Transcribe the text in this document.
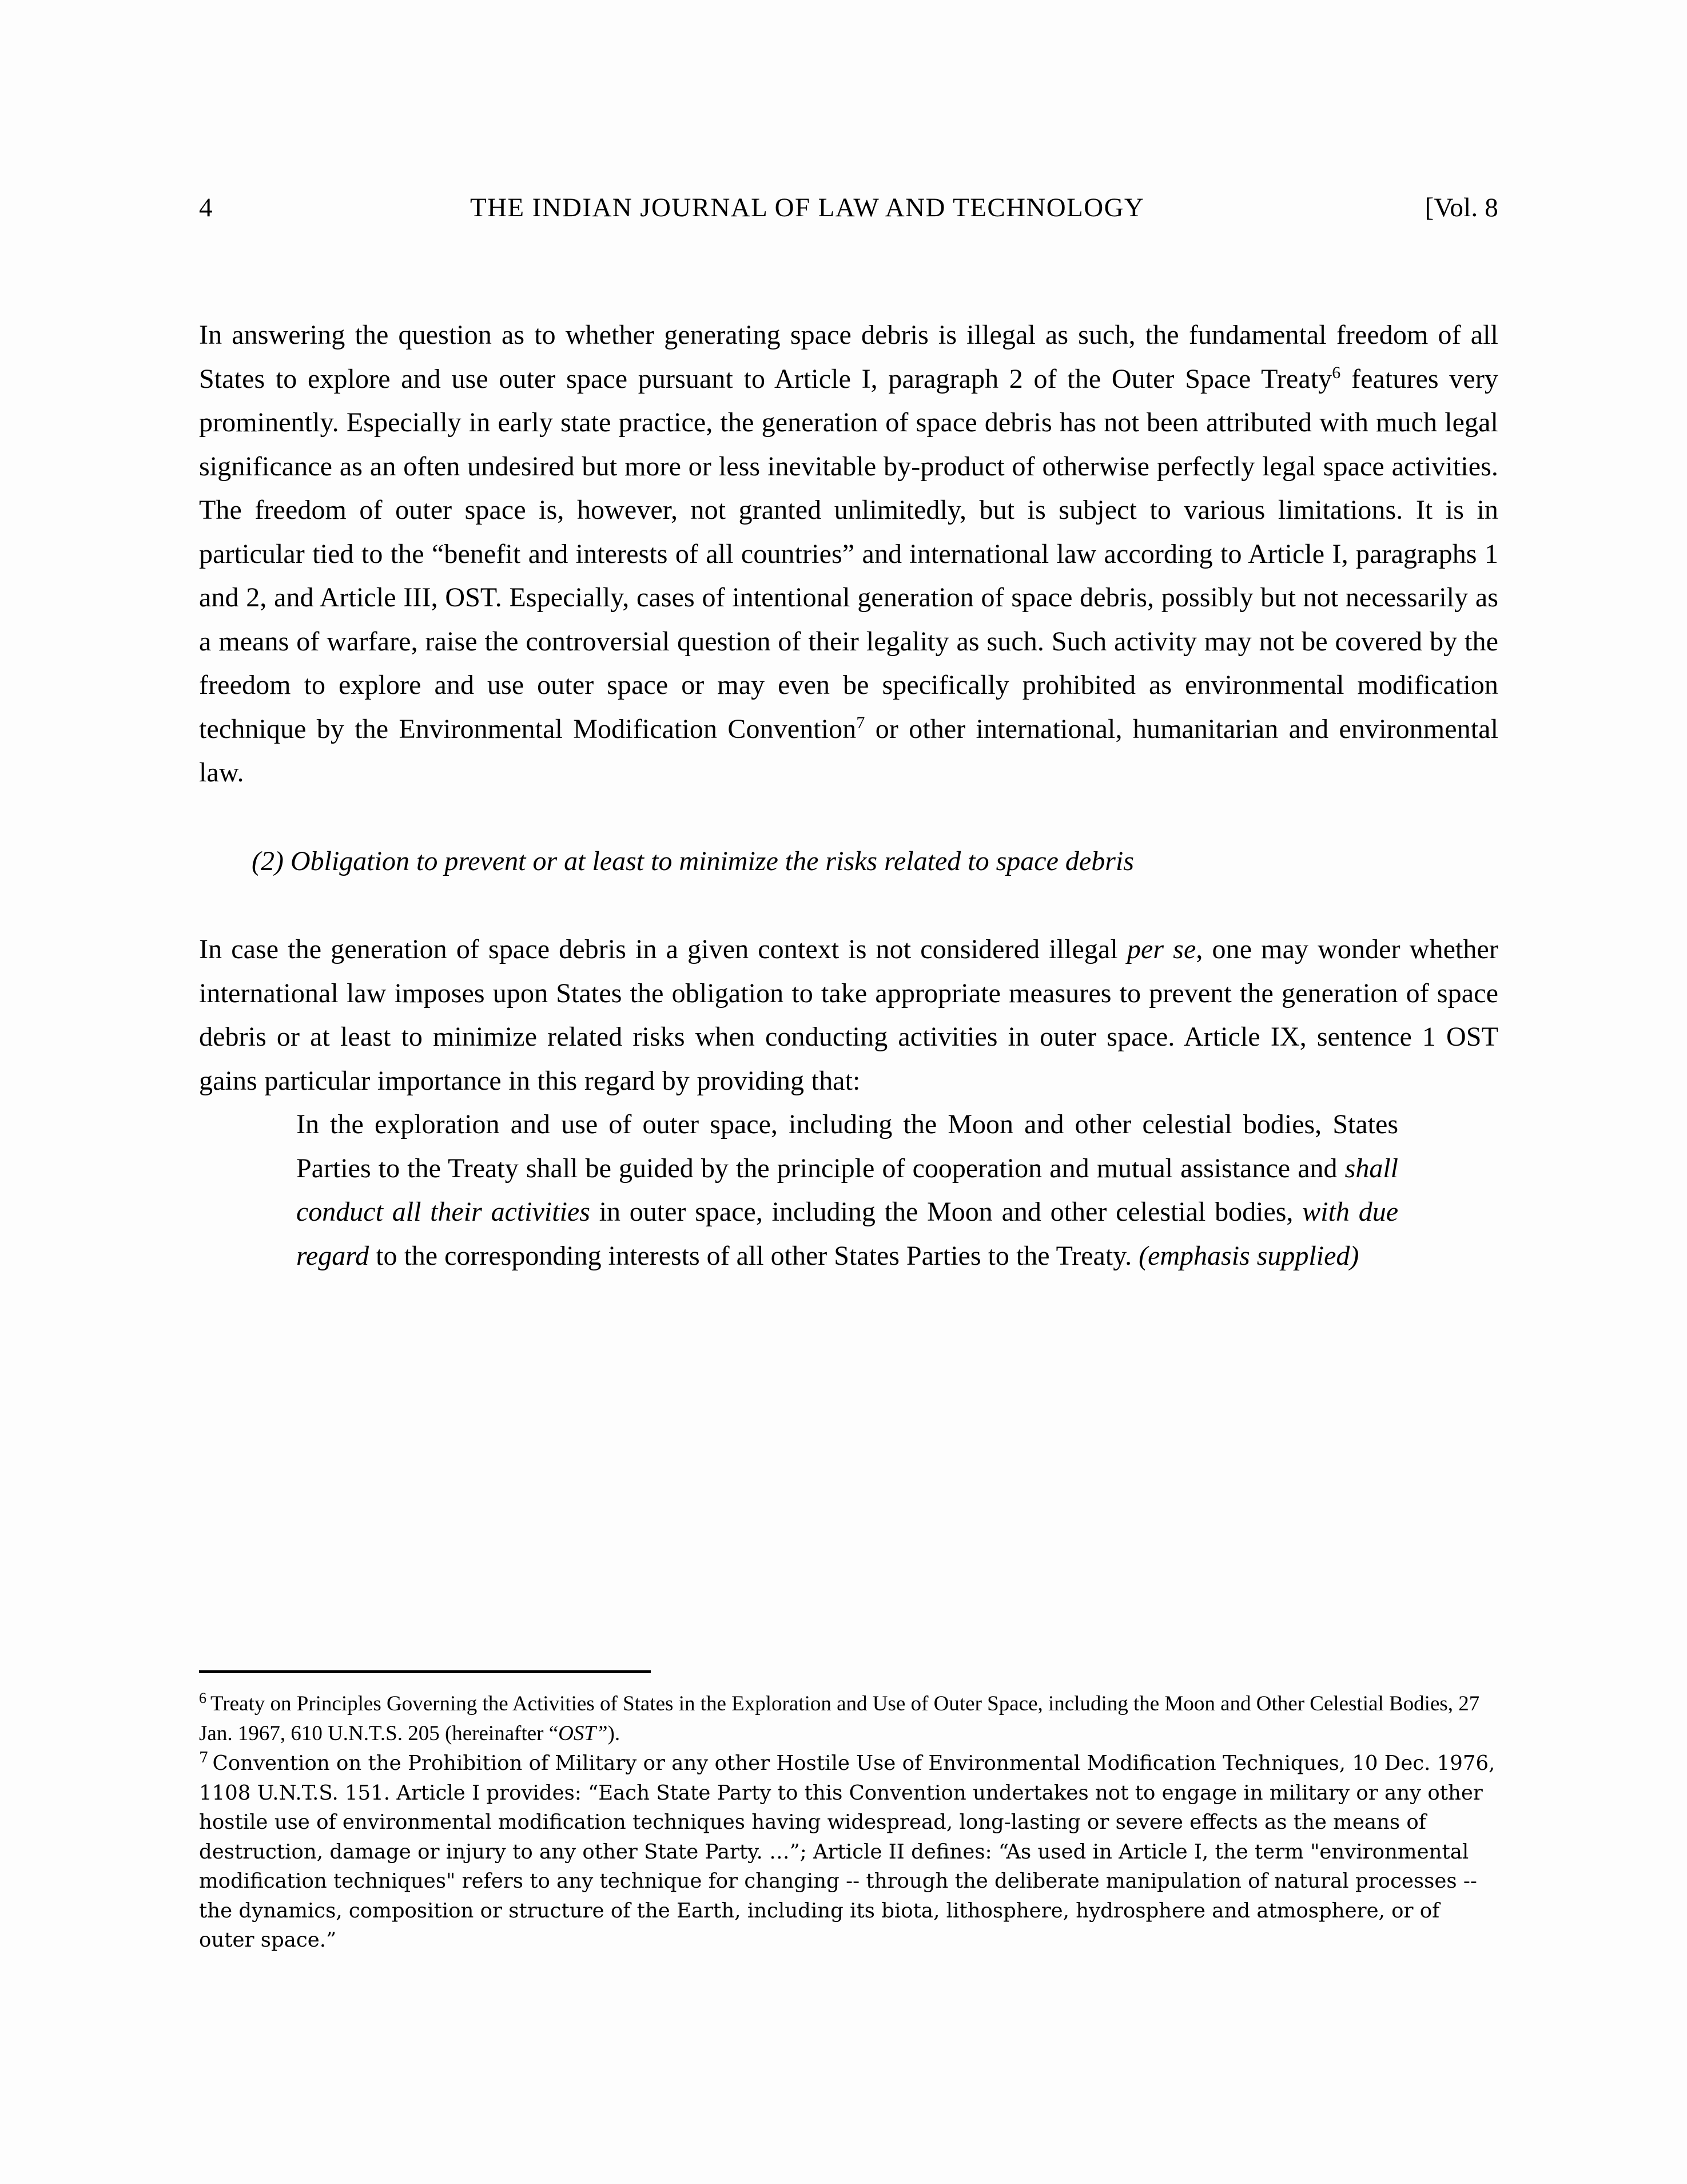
4	THE INDIAN JOURNAL OF LAW AND TECHNOLOGY	[Vol. 8

In answering the question as to whether generating space debris is illegal as such, the fundamental freedom of all States to explore and use outer space pursuant to Article I, paragraph 2 of the Outer Space Treaty$^6$ features very prominently. Especially in early state practice, the generation of space debris has not been attributed with much legal significance as an often undesired but more or less inevitable by-product of otherwise perfectly legal space activities. The freedom of outer space is, however, not granted unlimitedly, but is subject to various limitations. It is in particular tied to the “benefit and interests of all countries” and international law according to Article I, paragraphs 1 and 2, and Article III, OST. Especially, cases of intentional generation of space debris, possibly but not necessarily as a means of warfare, raise the controversial question of their legality as such. Such activity may not be covered by the freedom to explore and use outer space or may even be specifically prohibited as environmental modification technique by the Environmental Modification Convention$^7$ or other international, humanitarian and environmental law.

(2) Obligation to prevent or at least to minimize the risks related to space debris

In case the generation of space debris in a given context is not considered illegal per se, one may wonder whether international law imposes upon States the obligation to take appropriate measures to prevent the generation of space debris or at least to minimize related risks when conducting activities in outer space. Article IX, sentence 1 OST gains particular importance in this regard by providing that:

In the exploration and use of outer space, including the Moon and other celestial bodies, States Parties to the Treaty shall be guided by the principle of cooperation and mutual assistance and shall conduct all their activities in outer space, including the Moon and other celestial bodies, with due regard to the corresponding interests of all other States Parties to the Treaty. (emphasis supplied)

$^6$ Treaty on Principles Governing the Activities of States in the Exploration and Use of Outer Space, including the Moon and Other Celestial Bodies, 27 Jan. 1967, 610 U.N.T.S. 205 (hereinafter “OST”).

$^7$ Convention on the Prohibition of Military or any other Hostile Use of Environmental Modification Techniques, 10 Dec. 1976, 1108 U.N.T.S. 151. Article I provides: “Each State Party to this Convention undertakes not to engage in military or any other hostile use of environmental modification techniques having widespread, long-lasting or severe effects as the means of destruction, damage or injury to any other State Party. …”; Article II defines: “As used in Article I, the term "environmental modification techniques" refers to any technique for changing -- through the deliberate manipulation of natural processes -- the dynamics, composition or structure of the Earth, including its biota, lithosphere, hydrosphere and atmosphere, or of outer space.”
